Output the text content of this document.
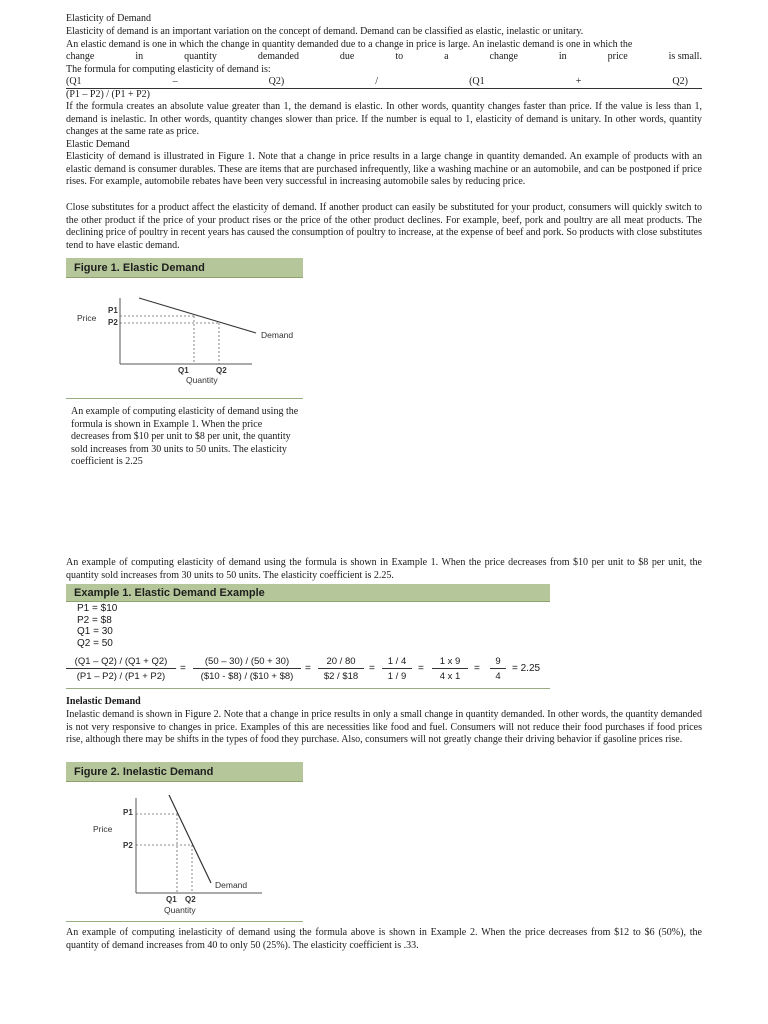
Elasticity of Demand
Elasticity of demand is an important variation on the concept of demand. Demand can be classified as elastic, inelastic or unitary.
An elastic demand is one in which the change in quantity demanded due to a change in price is large. An inelastic demand is one in which the
change	in	quantity	demanded	due	to	a	change	in	price	is small.
The formula for computing elasticity of demand is:
(Q1	–	Q2)	/	(Q1	+	Q2)
(P1 – P2) / (P1 + P2)
If the formula creates an absolute value greater than 1, the demand is elastic. In other words, quantity changes faster than price. If the value is less than 1, demand is inelastic. In other words, quantity changes slower than price. If the number is equal to 1, elasticity of demand is unitary. In other words, quantity changes at the same rate as price.
Elastic Demand
Elasticity of demand is illustrated in Figure 1. Note that a change in price results in a large change in quantity demanded. An example of products with an elastic demand is consumer durables. These are items that are purchased infrequently, like a washing machine or an automobile, and can be postponed if price rises. For example, automobile rebates have been very successful in increasing automobile sales by reducing price.
Close substitutes for a product affect the elasticity of demand. If another product can easily be substituted for your product, consumers will quickly switch to the other product if the price of your product rises or the price of the other product declines. For example, beef, pork and poultry are all meat products. The declining price of poultry in recent years has caused the consumption of poultry to increase, at the expense of beef and pork. So products with close substitutes tend to have elastic demand.
Figure 1. Elastic Demand
Price
P1
P2
Q1	Q2
Quantity
Demand
An example of computing elasticity of demand using the formula is shown in Example 1. When the price decreases from $10 per unit to $8 per unit, the quantity sold increases from 30 units to 50 units. The elasticity coefficient is 2.25
An example of computing elasticity of demand using the formula is shown in Example 1. When the price decreases from $10 per unit to $8 per unit, the quantity sold increases from 30 units to 50 units. The elasticity coefficient is 2.25.
Example 1. Elastic Demand Example
P1 = $10
P2 = $8
Q1 = 30
Q2 = 50
$\frac{(Q1 - Q2) / (Q1 + Q2)}{(P1 - P2) / (P1 + P2)} = \frac{(50 - 30) / (50 + 30)}{(\$10 - \$8) / (\$10 + \$8)} = \frac{20 / 80}{\$2 / \$18} = \frac{1 / 4}{1 / 9} = \frac{1 x 9}{4 x 1} = \frac{9}{4} = 2.25$
Inelastic Demand
Inelastic demand is shown in Figure 2. Note that a change in price results in only a small change in quantity demanded. In other words, the quantity demanded is not very responsive to changes in price. Examples of this are necessities like food and fuel. Consumers will not reduce their food purchases if food prices rise, although there may be shifts in the types of food they purchase. Also, consumers will not greatly change their driving behavior if gasoline prices rise.
Figure 2. Inelastic Demand
Price
P1
P2
Q1 Q2
Quantity
Demand
An example of computing inelasticity of demand using the formula above is shown in Example 2. When the price decreases from $12 to $6 (50%), the quantity of demand increases from 40 to only 50 (25%). The elasticity coefficient is .33.
